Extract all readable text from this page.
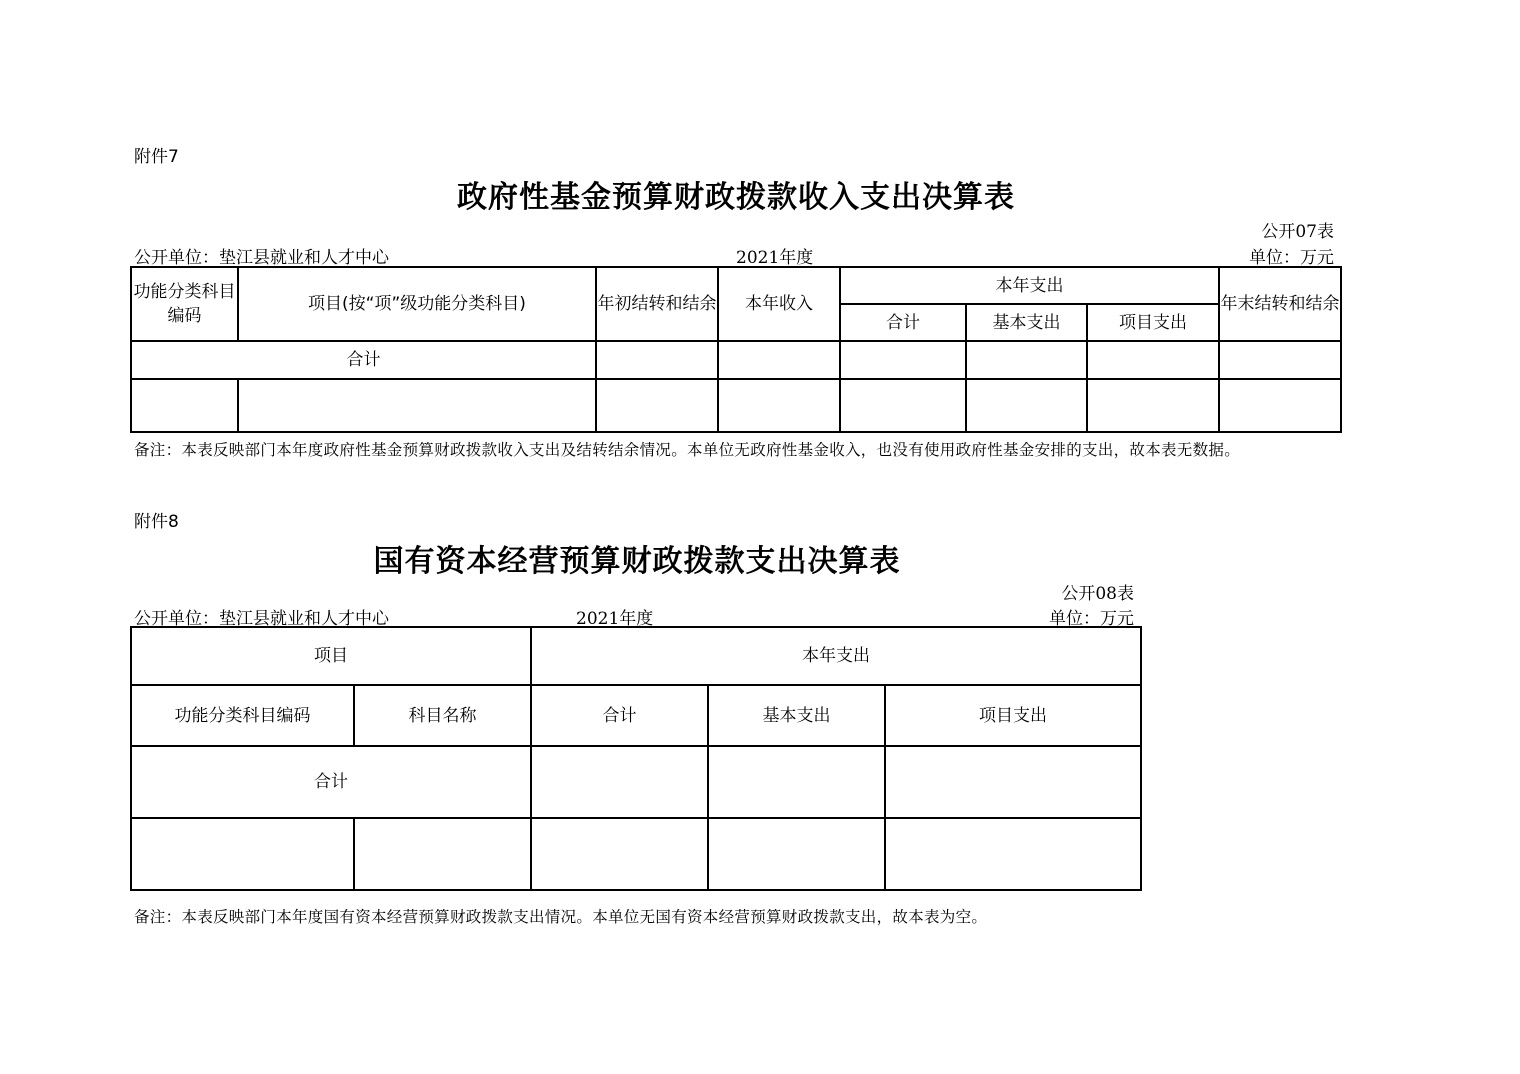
附件7
政府性基金预算财政拨款收入支出决算表
公开07表
公开单位：垫江县就业和人才中心	2021年度	单位：万元
功能分类科目编码	项目(按“项”级功能分类科目)	年初结转和结余	本年收入	本年支出			年末结转和结余
				合计	基本支出	项目支出	
合计							

备注：本表反映部门本年度政府性基金预算财政拨款收入支出及结转结余情况。本单位无政府性基金收入，也没有使用政府性基金安排的支出，故本表无数据。
附件8
国有资本经营预算财政拨款支出决算表
公开08表
公开单位：垫江县就业和人才中心	2021年度	单位：万元
项目		本年支出		
功能分类科目编码	科目名称	合计	基本支出	项目支出
合计				

备注：本表反映部门本年度国有资本经营预算财政拨款支出情况。本单位无国有资本经营预算财政拨款支出，故本表为空。
